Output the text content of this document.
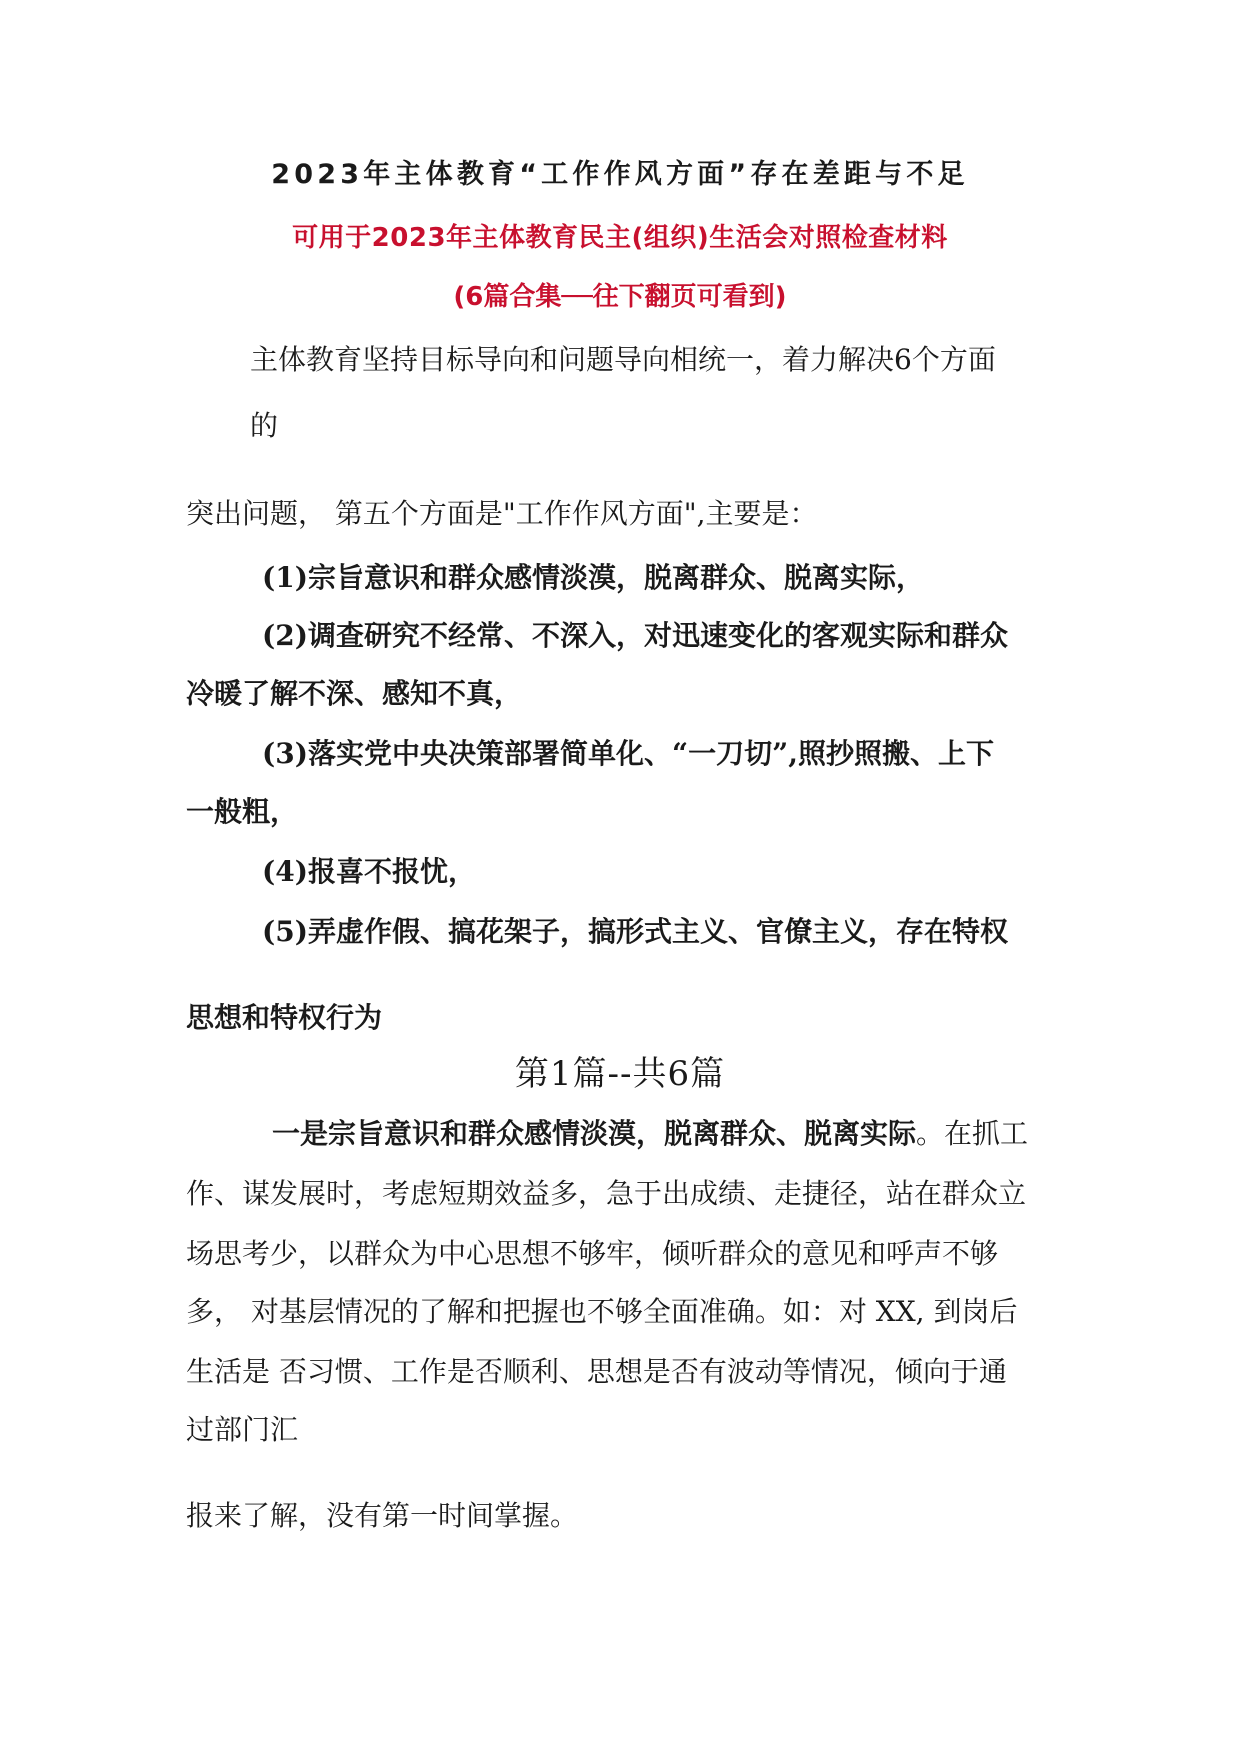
2023年主体教育“工作作风方面”存在差距与不足
可用于2023年主体教育民主(组织)生活会对照检查材料
(6篇合集──往下翻页可看到)
主体教育坚持目标导向和问题导向相统一，着力解决6个方面
的
突出问题， 第五个方面是"工作作风方面",主要是：
(1)宗旨意识和群众感情淡漠，脱离群众、脱离实际，
(2)调查研究不经常、不深入，对迅速变化的客观实际和群众
冷暖了解不深、感知不真，
(3)落实党中央决策部署简单化、“一刀切”,照抄照搬、上下
一般粗，
(4)报喜不报忧，
(5)弄虚作假、搞花架子，搞形式主义、官僚主义，存在特权
思想和特权行为
第1篇--共6篇
一是宗旨意识和群众感情淡漠，脱离群众、脱离实际。在抓工
作、谋发展时，考虑短期效益多，急于出成绩、走捷径，站在群众立
场思考少，以群众为中心思想不够牢，倾听群众的意见和呼声不够
多， 对基层情况的了解和把握也不够全面准确。如：对 XX, 到岗后
生活是 否习惯、工作是否顺利、思想是否有波动等情况，倾向于通
过部门汇
报来了解，没有第一时间掌握。
